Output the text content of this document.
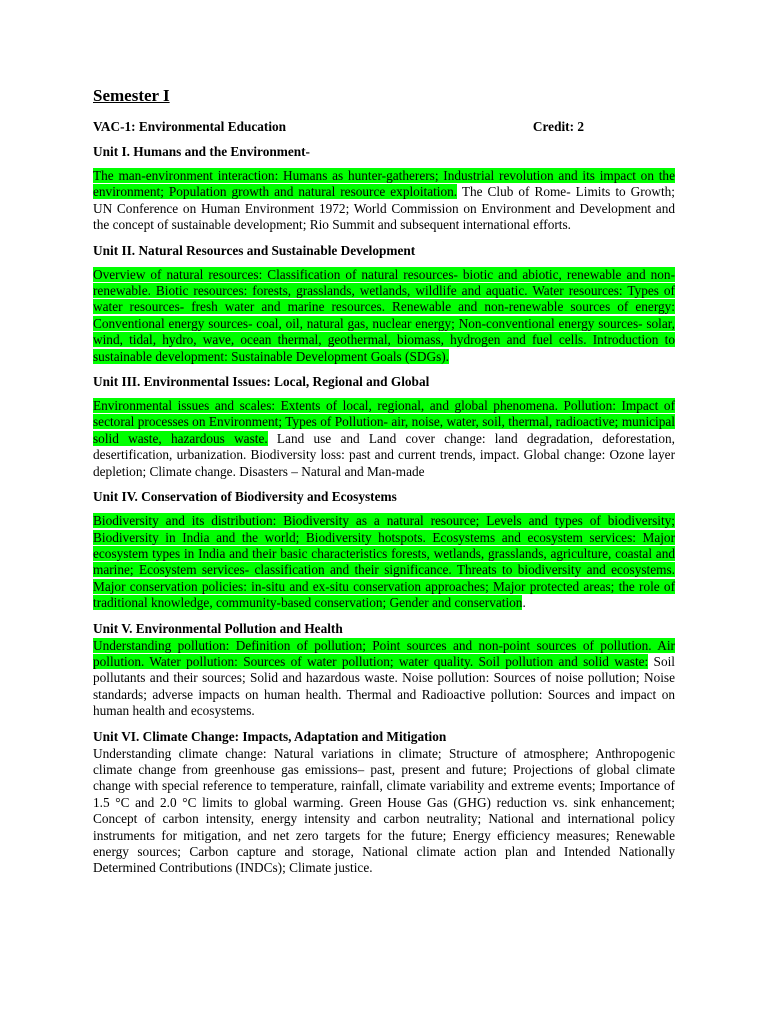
Semester I
VAC-1: Environmental Education	Credit: 2
Unit I. Humans and the Environment-

The man-environment interaction: Humans as hunter-gatherers; Industrial revolution and its impact on the environment; Population growth and natural resource exploitation. The Club of Rome- Limits to Growth; UN Conference on Human Environment 1972; World Commission on Environment and Development and the concept of sustainable development; Rio Summit and subsequent international efforts.

Unit II. Natural Resources and Sustainable Development

Overview of natural resources: Classification of natural resources- biotic and abiotic, renewable and non-renewable. Biotic resources: forests, grasslands, wetlands, wildlife and aquatic. Water resources: Types of water resources- fresh water and marine resources. Renewable and non-renewable sources of energy: Conventional energy sources- coal, oil, natural gas, nuclear energy; Non-conventional energy sources- solar, wind, tidal, hydro, wave, ocean thermal, geothermal, biomass, hydrogen and fuel cells. Introduction to sustainable development: Sustainable Development Goals (SDGs).

Unit III. Environmental Issues: Local, Regional and Global

Environmental issues and scales: Extents of local, regional, and global phenomena. Pollution: Impact of sectoral processes on Environment; Types of Pollution- air, noise, water, soil, thermal, radioactive; municipal solid waste, hazardous waste. Land use and Land cover change: land degradation, deforestation, desertification, urbanization. Biodiversity loss: past and current trends, impact. Global change: Ozone layer depletion; Climate change. Disasters – Natural and Man-made

Unit IV. Conservation of Biodiversity and Ecosystems

Biodiversity and its distribution: Biodiversity as a natural resource; Levels and types of biodiversity; Biodiversity in India and the world; Biodiversity hotspots. Ecosystems and ecosystem services: Major ecosystem types in India and their basic characteristics forests, wetlands, grasslands, agriculture, coastal and marine; Ecosystem services- classification and their significance. Threats to biodiversity and ecosystems. Major conservation policies: in-situ and ex-situ conservation approaches; Major protected areas; the role of traditional knowledge, community-based conservation; Gender and conservation.

Unit V. Environmental Pollution and Health

Understanding pollution: Definition of pollution; Point sources and non-point sources of pollution. Air pollution. Water pollution: Sources of water pollution; water quality. Soil pollution and solid waste: Soil pollutants and their sources; Solid and hazardous waste. Noise pollution: Sources of noise pollution; Noise standards; adverse impacts on human health. Thermal and Radioactive pollution: Sources and impact on human health and ecosystems.

Unit VI. Climate Change: Impacts, Adaptation and Mitigation

Understanding climate change: Natural variations in climate; Structure of atmosphere; Anthropogenic climate change from greenhouse gas emissions– past, present and future; Projections of global climate change with special reference to temperature, rainfall, climate variability and extreme events; Importance of 1.5 °C and 2.0 °C limits to global warming. Green House Gas (GHG) reduction vs. sink enhancement; Concept of carbon intensity, energy intensity and carbon neutrality; National and international policy instruments for mitigation, and net zero targets for the future; Energy efficiency measures; Renewable energy sources; Carbon capture and storage, National climate action plan and Intended Nationally Determined Contributions (INDCs); Climate justice.
